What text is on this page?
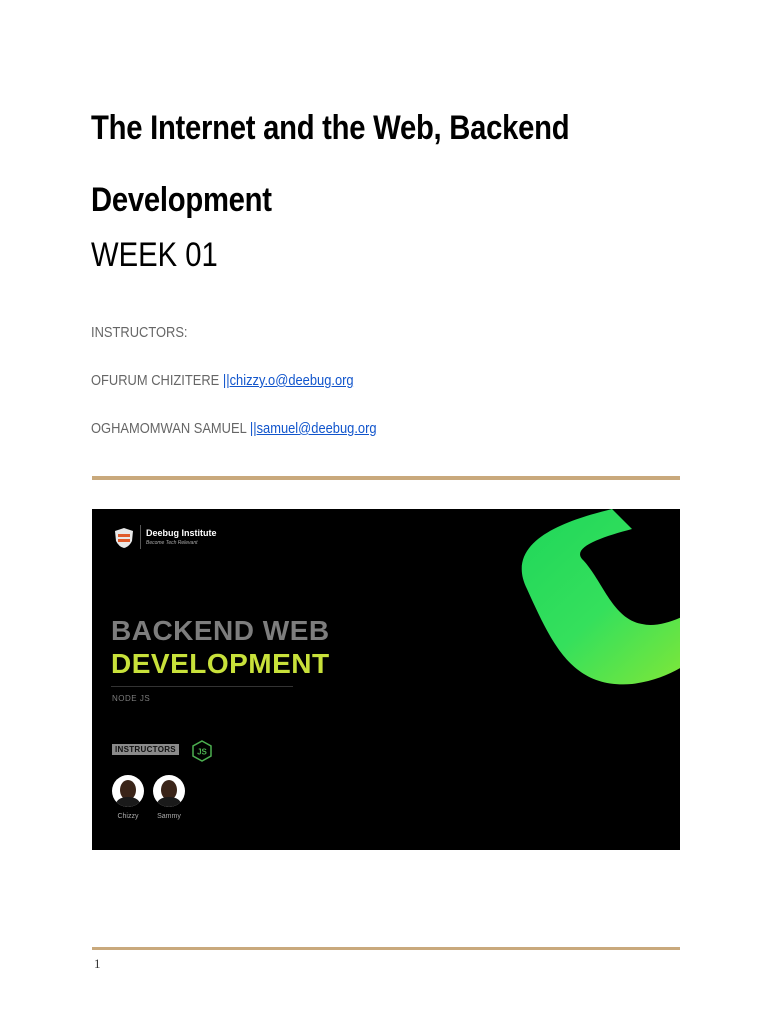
The Internet and the Web, Backend Development
WEEK 01
INSTRUCTORS:
OFURUM CHIZITERE ||chizzy.o@deebug.org
OGHAMOMWAN SAMUEL ||samuel@deebug.org
Deebug Institute
Become Tech Relevant
BACKEND WEB
DEVELOPMENT
NODE JS
INSTRUCTORS	JS
Chizzy	Sammy
1
